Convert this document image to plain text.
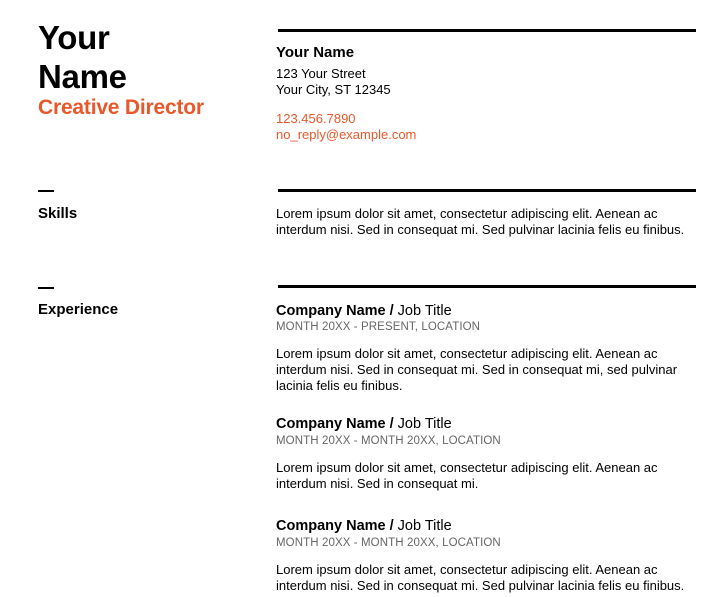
Your
Name
Creative Director
Your Name
123 Your Street
Your City, ST 12345
123.456.7890
no_reply@example.com
Skills	Lorem ipsum dolor sit amet, consectetur adipiscing elit. Aenean ac interdum nisi. Sed in consequat mi. Sed pulvinar lacinia felis eu finibus.
Experience	Company Name / Job Title
MONTH 20XX - PRESENT, LOCATION
Lorem ipsum dolor sit amet, consectetur adipiscing elit. Aenean ac interdum nisi. Sed in consequat mi. Sed in consequat mi, sed pulvinar lacinia felis eu finibus.
Company Name / Job Title
MONTH 20XX - MONTH 20XX, LOCATION
Lorem ipsum dolor sit amet, consectetur adipiscing elit. Aenean ac interdum nisi. Sed in consequat mi.
Company Name / Job Title
MONTH 20XX - MONTH 20XX, LOCATION
Lorem ipsum dolor sit amet, consectetur adipiscing elit. Aenean ac interdum nisi. Sed in consequat mi. Sed pulvinar lacinia felis eu finibus.
